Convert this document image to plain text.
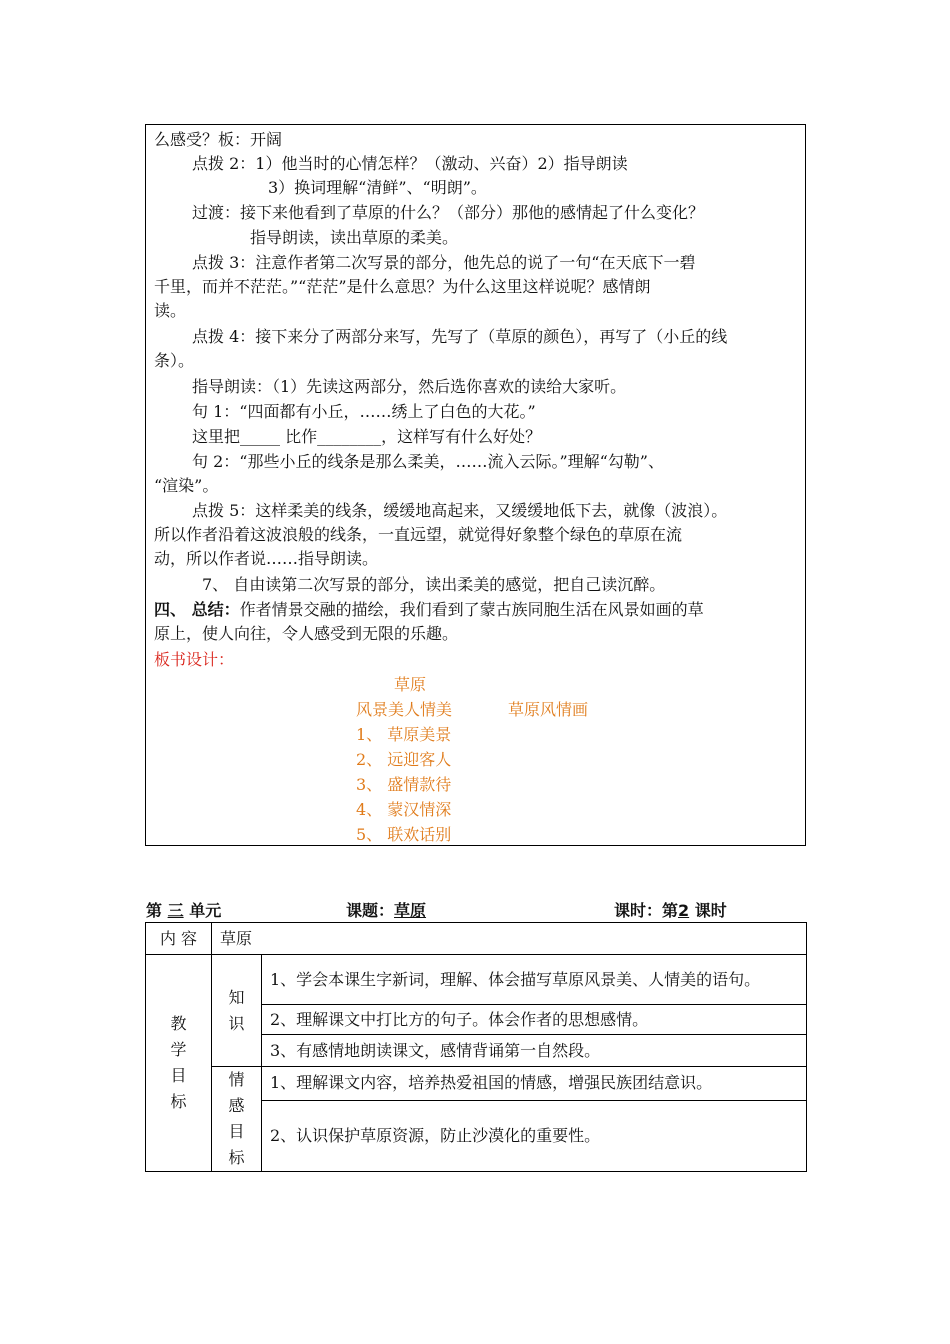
么感受？板：开阔
点拨 2：1）他当时的心情怎样？（激动、兴奋）2）指导朗读
3）换词理解“清鲜”、“明朗”。
过渡：接下来他看到了草原的什么？（部分）那他的感情起了什么变化？
指导朗读，读出草原的柔美。
点拨 3：注意作者第二次写景的部分，他先总的说了一句“在天底下一碧
千里，而并不茫茫。”“茫茫”是什么意思？为什么这里这样说呢？感情朗
读。
点拨 4：接下来分了两部分来写，先写了（草原的颜色），再写了（小丘的线
条）。
指导朗读：（1）先读这两部分，然后选你喜欢的读给大家听。
句 1：“四面都有小丘，……绣上了白色的大花。”
这里把_____ 比作________，这样写有什么好处？
句 2：“那些小丘的线条是那么柔美，……流入云际。”理解“勾勒”、
“渲染”。
点拨 5：这样柔美的线条，缓缓地高起来，又缓缓地低下去，就像（波浪）。
所以作者沿着这波浪般的线条，一直远望，就觉得好象整个绿色的草原在流
动，所以作者说……指导朗读。
7、 自由读第二次写景的部分，读出柔美的感觉，把自己读沉醉。
四、 总结：作者情景交融的描绘，我们看到了蒙古族同胞生活在风景如画的草
原上，使人向往，令人感受到无限的乐趣。
板书设计：
草原
风景美人情美	草原风情画
1、 草原美景
2、 远迎客人
3、 盛情款待
4、 蒙汉情深
5、 联欢话别
第 三 单元	课题：草原	课时：第2 课时
内 容	草原	

教学目标	知识	1、学会本课生字新词，理解、体会描写草原风景美、人情美的语句。
		2、理解课文中打比方的句子。体会作者的思想感情。
		3、有感情地朗读课文，感情背诵第一自然段。

	情感目标	1、理解课文内容，培养热爱祖国的情感，增强民族团结意识。
		2、认识保护草原资源，防止沙漠化的重要性。
